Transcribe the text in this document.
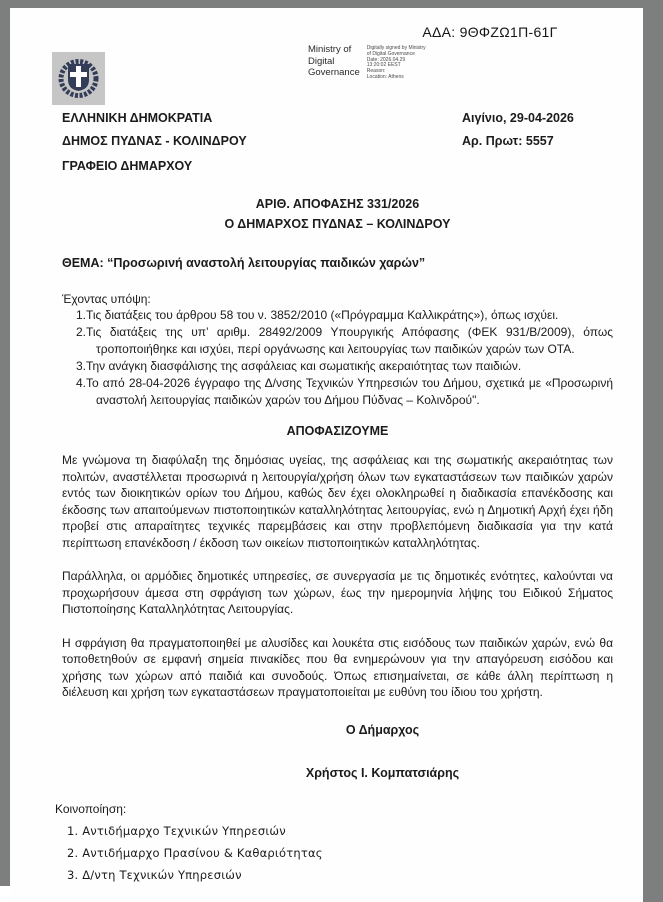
ΑΔΑ: 9ΘΦΖΩ1Π-61Γ
Ministry of
Digital
Governance
Digitally signed by Ministry
of Digital Governance
Date: 2026.04.29
13:20:02 EEST
Reason:
Location: Athens
ΕΛΛΗΝΙΚΗ ΔΗΜΟΚΡΑΤΙΑ
ΔΗΜΟΣ ΠΥΔΝΑΣ - ΚΟΛΙΝΔΡΟΥ
ΓΡΑΦΕΙΟ ΔΗΜΑΡΧΟΥ
Αιγίνιο, 29-04-2026
Αρ. Πρωτ: 5557
ΑΡΙΘ. ΑΠΟΦΑΣΗΣ 331/2026
Ο ΔΗΜΑΡΧΟΣ ΠΥΔΝΑΣ – ΚΟΛΙΝΔΡΟΥ
ΘΕΜΑ: “Προσωρινή αναστολή λειτουργίας παιδικών χαρών”
Έχοντας υπόψη:
1.Τις διατάξεις του άρθρου 58 του ν. 3852/2010 («Πρόγραμμα Καλλικράτης»), όπως ισχύει.
2.Τις διατάξεις της υπ’ αριθμ. 28492/2009 Υπουργικής Απόφασης (ΦΕΚ 931/Β/2009), όπως τροποποιήθηκε και ισχύει, περί οργάνωσης και λειτουργίας των παιδικών χαρών των ΟΤΑ.
3.Την ανάγκη διασφάλισης της ασφάλειας και σωματικής ακεραιότητας των παιδιών.
4.Το από 28-04-2026 έγγραφο της Δ/νσης Τεχνικών Υπηρεσιών του Δήμου, σχετικά με «Προσωρινή αναστολή λειτουργίας παιδικών χαρών του Δήμου Πύδνας – Κολινδρού".
ΑΠΟΦΑΣΙΖΟΥΜΕ
Με γνώμονα τη διαφύλαξη της δημόσιας υγείας, της ασφάλειας και της σωματικής ακεραιότητας των πολιτών, αναστέλλεται προσωρινά η λειτουργία/χρήση όλων των εγκαταστάσεων των παιδικών χαρών εντός των διοικητικών ορίων του Δήμου, καθώς δεν έχει ολοκληρωθεί η διαδικασία επανέκδοσης και έκδοσης των απαιτούμενων πιστοποιητικών καταλληλότητας λειτουργίας, ενώ η Δημοτική Αρχή έχει ήδη προβεί στις απαραίτητες τεχνικές παρεμβάσεις και στην προβλεπόμενη διαδικασία για την κατά περίπτωση επανέκδοση / έκδοση των οικείων πιστοποιητικών καταλληλότητας.
Παράλληλα, οι αρμόδιες δημοτικές υπηρεσίες, σε συνεργασία με τις δημοτικές ενότητες, καλούνται να προχωρήσουν άμεσα στη σφράγιση των χώρων, έως την ημερομηνία λήψης του Ειδικού Σήματος Πιστοποίησης Καταλληλότητας Λειτουργίας.
Η σφράγιση θα πραγματοποιηθεί με αλυσίδες και λουκέτα στις εισόδους των παιδικών χαρών, ενώ θα τοποθετηθούν σε εμφανή σημεία πινακίδες που θα ενημερώνουν για την απαγόρευση εισόδου και χρήσης των χώρων από παιδιά και συνοδούς. Όπως επισημαίνεται, σε κάθε άλλη περίπτωση η διέλευση και χρήση των εγκαταστάσεων πραγματοποιείται με ευθύνη του ίδιου του χρήστη.
Ο Δήμαρχος
Χρήστος Ι. Κομπατσιάρης
Κοινοποίηση:
1. Αντιδήμαρχο Τεχνικών Υπηρεσιών
2. Αντιδήμαρχο Πρασίνου & Καθαριότητας
3. Δ/ντη Τεχνικών Υπηρεσιών
